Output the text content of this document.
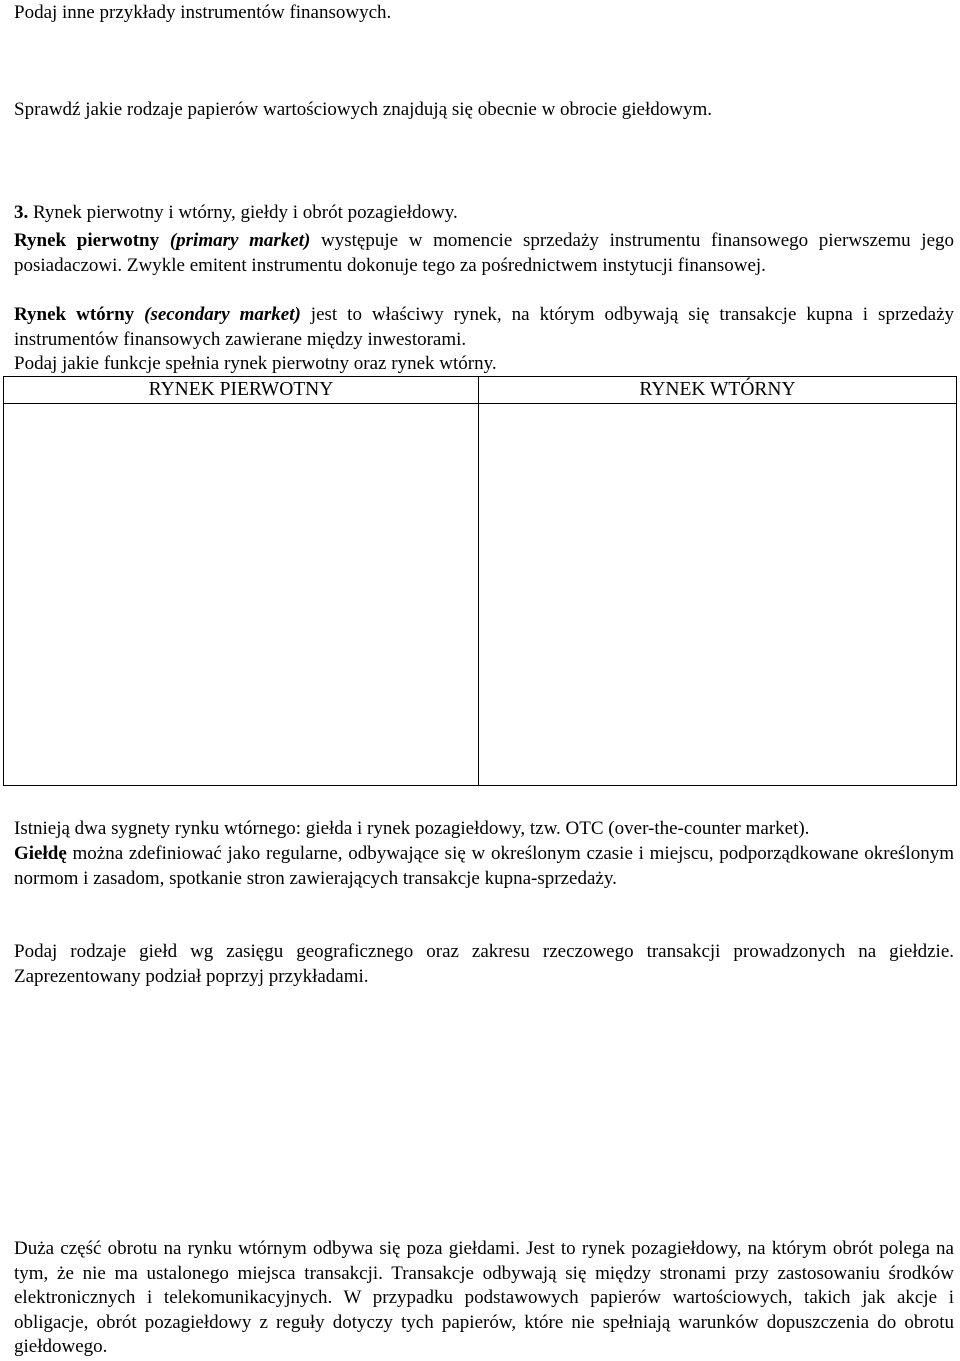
Podaj inne przykłady instrumentów finansowych.
Sprawdź jakie rodzaje papierów wartościowych znajdują się obecnie w obrocie giełdowym.
3. Rynek pierwotny i wtórny, giełdy i obrót pozagiełdowy.
Rynek pierwotny (primary market) występuje w momencie sprzedaży instrumentu finansowego pierwszemu jego posiadaczowi. Zwykle emitent instrumentu dokonuje tego za pośrednictwem instytucji finansowej.
Rynek wtórny (secondary market) jest to właściwy rynek, na którym odbywają się transakcje kupna i sprzedaży instrumentów finansowych zawierane między inwestorami.
Podaj jakie funkcje spełnia rynek pierwotny oraz rynek wtórny.
RYNEK PIERWOTNY	RYNEK WTÓRNY
Istnieją dwa sygnety rynku wtórnego: giełda i rynek pozagiełdowy, tzw. OTC (over-the-counter market).
Giełdę można zdefiniować jako regularne, odbywające się w określonym czasie i miejscu, podporządkowane określonym normom i zasadom, spotkanie stron zawierających transakcje kupna-sprzedaży.
Podaj rodzaje giełd wg zasięgu geograficznego oraz zakresu rzeczowego transakcji prowadzonych na giełdzie. Zaprezentowany podział poprzyj przykładami.
Duża część obrotu na rynku wtórnym odbywa się poza giełdami. Jest to rynek pozagiełdowy, na którym obrót polega na tym, że nie ma ustalonego miejsca transakcji. Transakcje odbywają się między stronami przy zastosowaniu środków elektronicznych i telekomunikacyjnych. W przypadku podstawowych papierów wartościowych, takich jak akcje i obligacje, obrót pozagiełdowy z reguły dotyczy tych papierów, które nie spełniają warunków dopuszczenia do obrotu giełdowego.
